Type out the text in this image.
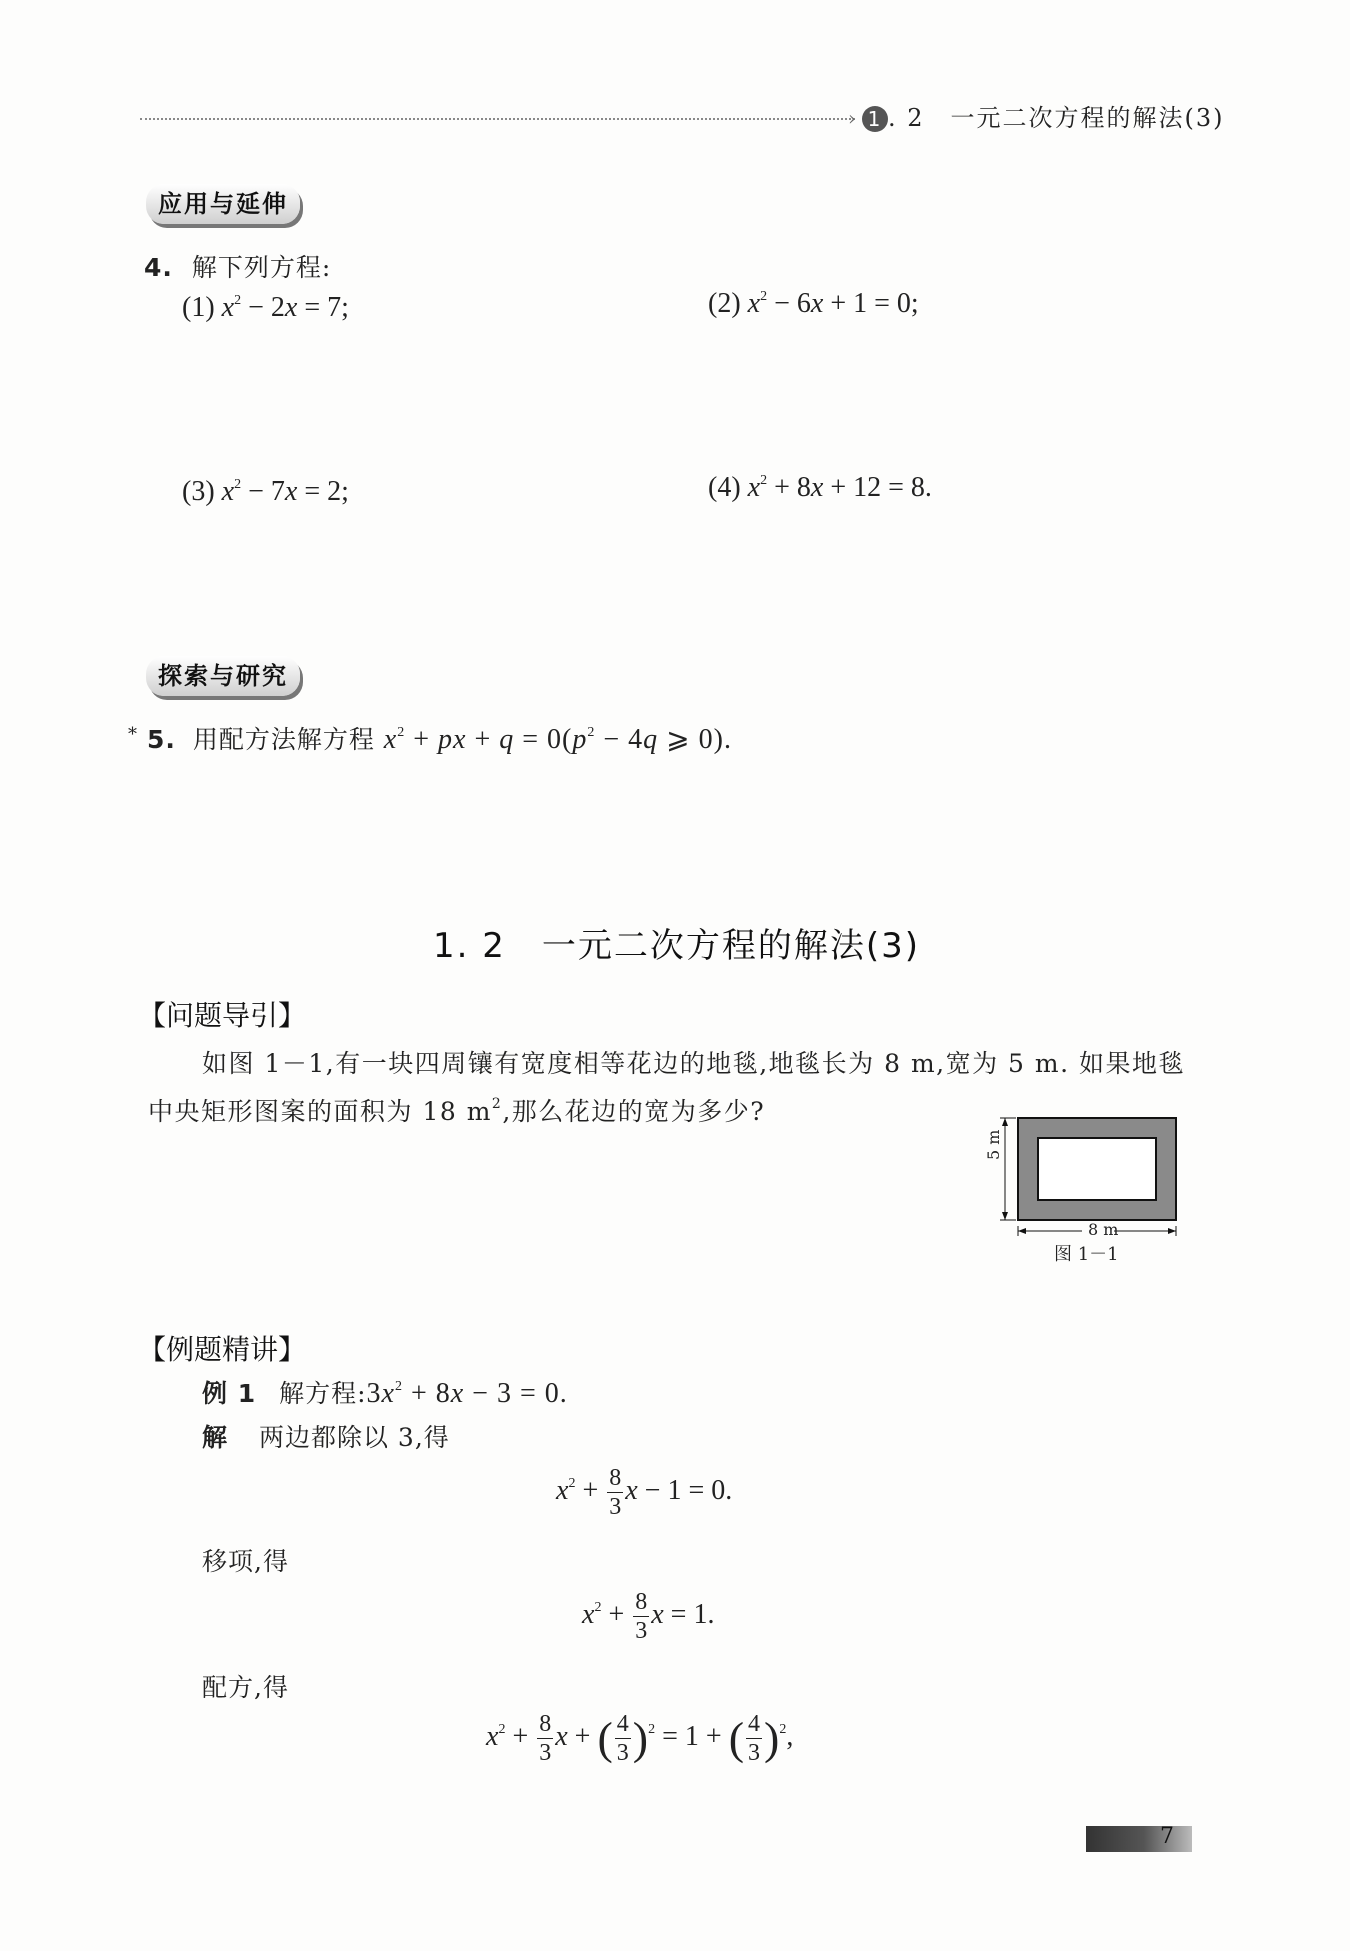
› 1 . 2　一元二次方程的解法(3)
应用与延伸
4. 解下列方程:
(1) $x^2 - 2x = 7$;	(2) $x^2 - 6x + 1 = 0$;
(3) $x^2 - 7x = 2$;	(4) $x^2 + 8x + 12 = 8$.
探索与研究
* 5. 用配方法解方程 $x^2$ + px + $q = 0(p^2 - 4q$ ⩾ 0).
1. 2　一元二次方程的解法(3)
【问题导引】
如图 1－1,有一块四周镶有宽度相等花边的地毯,地毯长为 8 m,宽为 5 m. 如果地毯
中央矩形图案的面积为 18 $m^2$,那么花边的宽为多少?
5 m
8 m
图 1－1
【例题精讲】
例 1 解方程$:3x^2 + 8x - 3 = 0$.
解 两边都除以 3,得
$x^2 + \frac{8}{3}$ x − 1 = 0.
移项,得
$x^2 + \frac{8}{3}$ x = 1.
配方,得
$x^2 + \frac{8}{3}$ x + ( $\frac{4}{3} )^2 = 1$ + ( $\frac{4}{3} )^2$,
7
